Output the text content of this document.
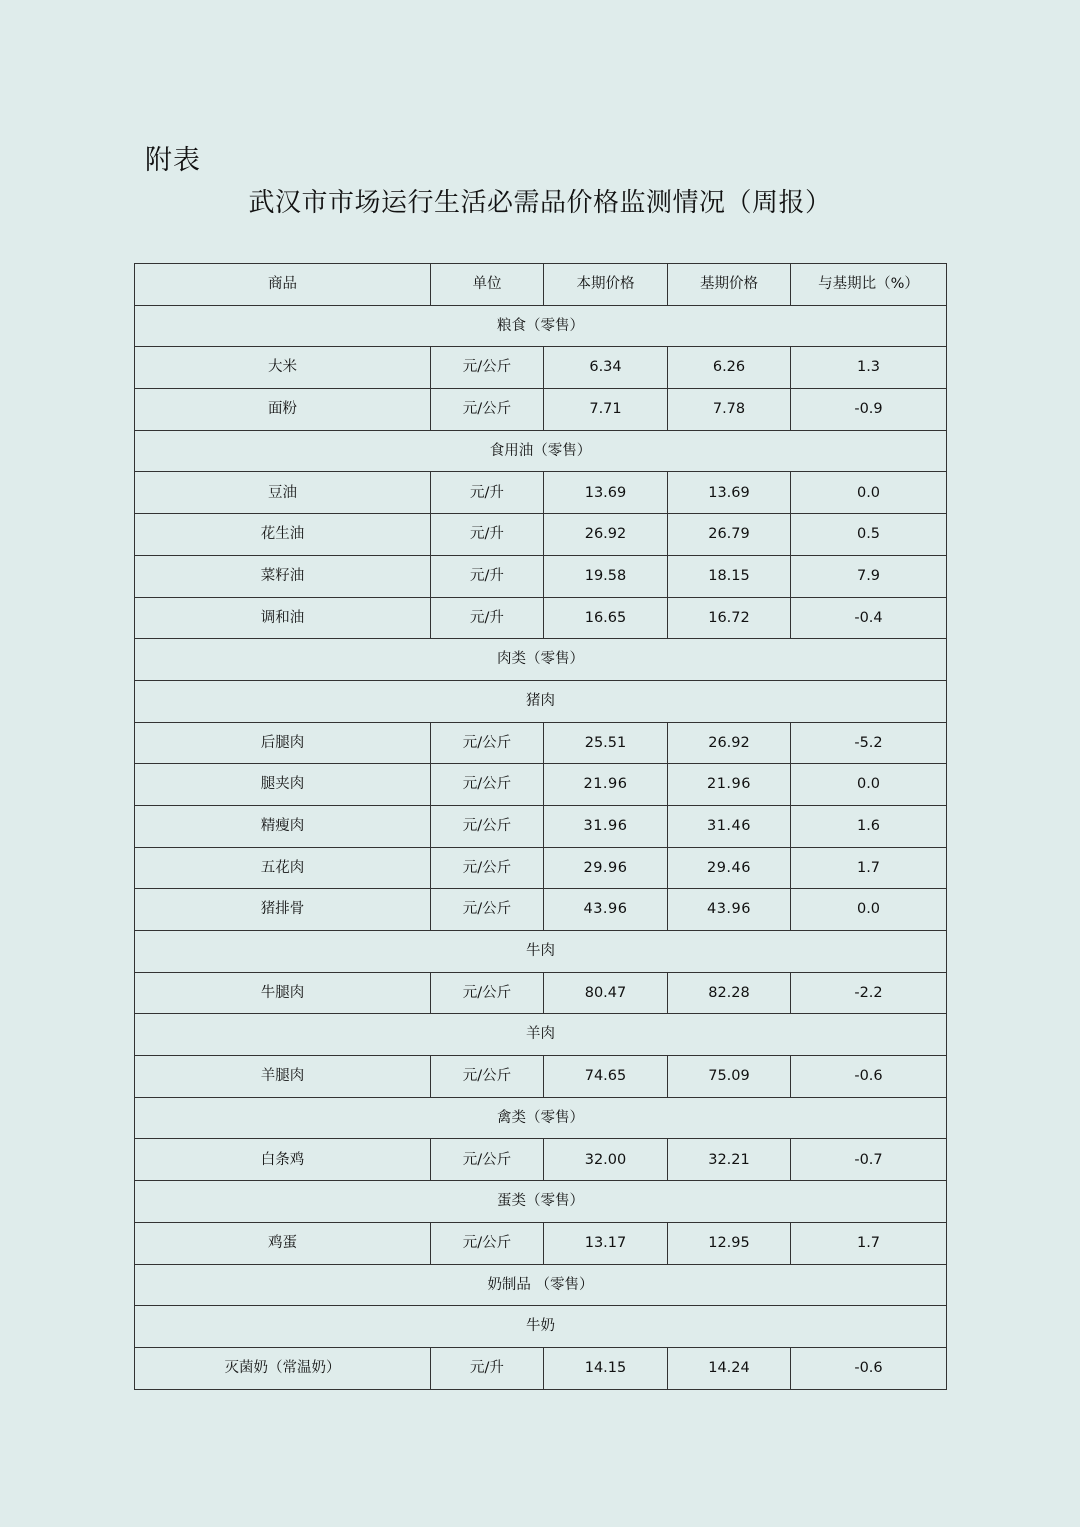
附表
武汉市市场运行生活必需品价格监测情况（周报）
商品	单位	本期价格	基期价格	与基期比（%）
粮食（零售）				
大米	元/公斤	6.34	6.26	1.3
面粉	元/公斤	7.71	7.78	-0.9
食用油（零售）				
豆油	元/升	13.69	13.69	0.0
花生油	元/升	26.92	26.79	0.5
菜籽油	元/升	19.58	18.15	7.9
调和油	元/升	16.65	16.72	-0.4
肉类（零售）				
猪肉				
后腿肉	元/公斤	25.51	26.92	-5.2
腿夹肉	元/公斤	21.96	21.96	0.0
精瘦肉	元/公斤	31.96	31.46	1.6
五花肉	元/公斤	29.96	29.46	1.7
猪排骨	元/公斤	43.96	43.96	0.0
牛肉				
牛腿肉	元/公斤	80.47	82.28	-2.2
羊肉				
羊腿肉	元/公斤	74.65	75.09	-0.6
禽类（零售）				
白条鸡	元/公斤	32.00	32.21	-0.7
蛋类（零售）				
鸡蛋	元/公斤	13.17	12.95	1.7
奶制品 （零售）				
牛奶				
灭菌奶（常温奶）	元/升	14.15	14.24	-0.6
